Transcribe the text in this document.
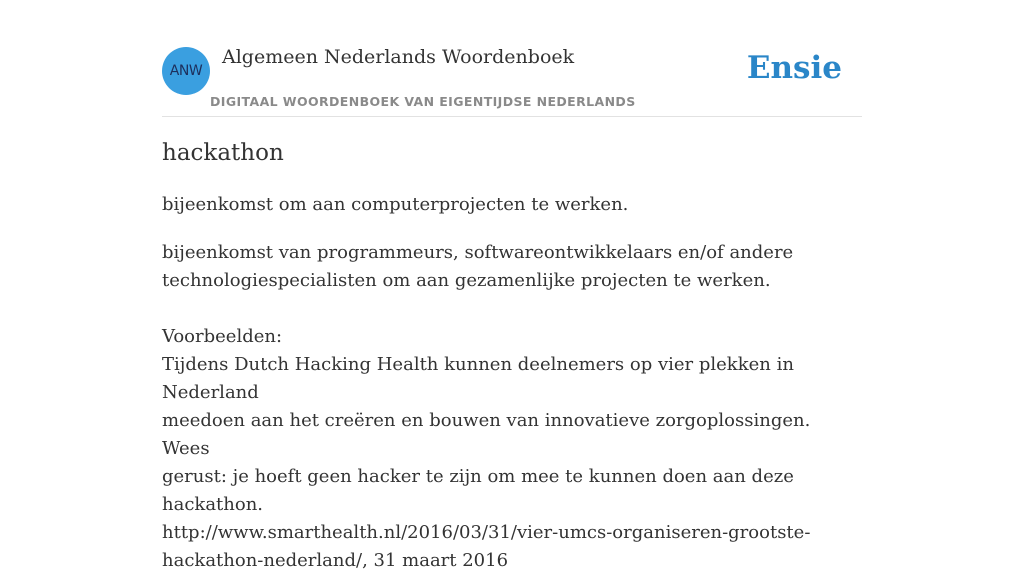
ANW
Algemeen Nederlands Woordenboek
DIGITAAL WOORDENBOEK VAN EIGENTIJDSE NEDERLANDS
Ensie
hackathon
bijeenkomst om aan computerprojecten te werken.

bijeenkomst van programmeurs, softwareontwikkelaars en/of andere

technologiespecialisten om aan gezamenlijke projecten te werken.

Voorbeelden:

Tijdens Dutch Hacking Health kunnen deelnemers op vier plekken in Nederland

meedoen aan het creëren en bouwen van innovatieve zorgoplossingen. Wees

gerust: je hoeft geen hacker te zijn om mee te kunnen doen aan deze hackathon.

http://www.smarthealth.nl/2016/03/31/vier-umcs-organiseren-grootste-

hackathon-nederland/, 31 maart 2016
